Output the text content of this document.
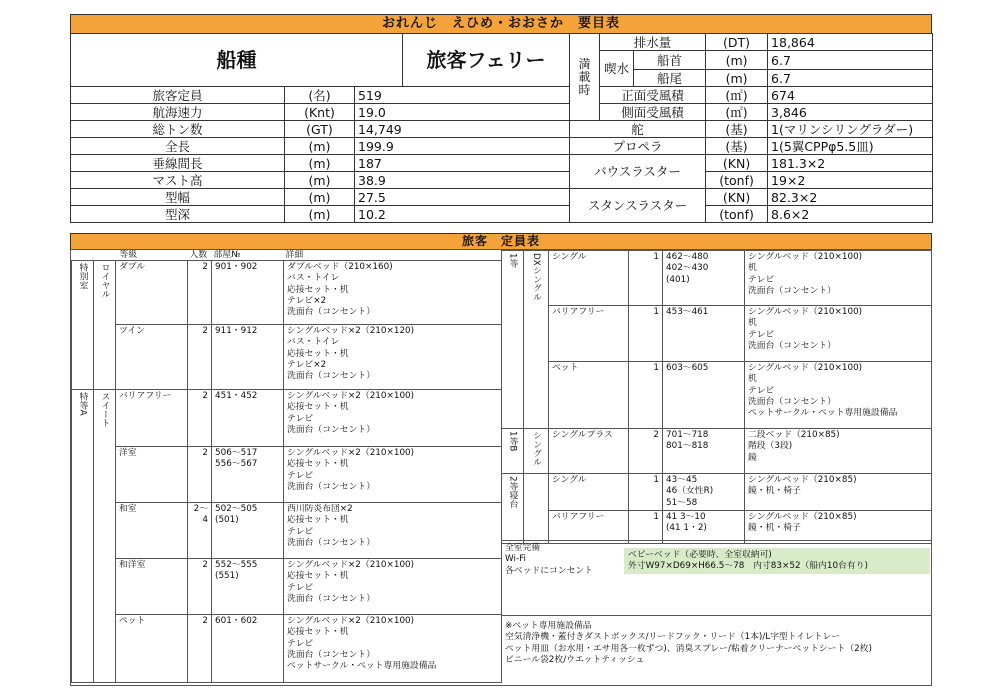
おれんじ　えひめ・おおさか　要目表
船種			旅客フェリー	満載時	排水量		(DT)	18,864
					喫水	船首	(m)	6.7
						船尾	(m)	6.7
旅客定員	(名)	519			正面受風積		(㎡)	674
航海速力	(Knt)	19.0			側面受風積		(㎡)	3,846
総トン数	(GT)	14,749		舵			(基)	1(マリンシリングラダー)
全長	(m)	199.9		プロペラ			(基)	1(5翼CPPφ5.5皿)
垂線間長	(m)	187		バウスラスター			(KN)	181.3×2
マスト高	(m)	38.9					(tonf)	19×2
型幅	(m)	27.5		スタンスラスター			(KN)	82.3×2
型深	(m)	10.2					(tonf)	8.6×2
旅客　定員表
等級			人数	部屋№	詳細
特別室	ロイヤル	ダブル	2	901・902	ダブルベッド（210×160)
バス・トイレ
応接セット・机
テレビ×2
洗面台（コンセント）
		ツイン	2	911・912	シングルベッド×2（210×120)
バス・トイレ
応接セット・机
テレビ×2
洗面台（コンセント）
特等A	スイート	バリアフリー	2	451・452	シングルベッド×2（210×100)
応接セット・机
テレビ
洗面台（コンセント）
		洋室	2	506〜517
556〜567	シングルベッド×2（210×100)
応接セット・机
テレビ
洗面台（コンセント）
		和室	2〜4	502〜505
(501)	西川防炎布団×2
応接セット・机
テレビ
洗面台（コンセント）
		和洋室	2	552〜555
(551)	シングルベッド×2（210×100)
応接セット・机
テレビ
洗面台（コンセント）
		ペット	2	601・602	シングルベッド×2（210×100)
応接セット・机
テレビ
洗面台（コンセント）
ペットサークル・ペット専用施設備品
1等	DXシングル	シングル	1	462〜480
402〜430
(401)	シングルベッド（210×100)
机
テレビ
洗面台（コンセント）
		バリアフリー	1	453〜461	シングルベッド（210×100)
机
テレビ
洗面台（コンセント）
		ペット	1	603〜605	シングルベッド（210×100)
机
テレビ
洗面台（コンセント）
ペットサークル・ペット専用施設備品
1等B	シングル	シングルプラス	2	701〜718
801〜818	二段ベッド（210×85)
階段（3段)
鏡
2等寝台		シングル	1	43〜45
46（女性R)
51〜58	シングルベッド（210×85)
鏡・机・椅子
		バリアフリー	1	41 3〜10
(41 1・2)	シングルベッド（210×85)
鏡・机・椅子
全室完備
Wi-Fi
各ベッドにコンセント
ベビーベッド（必要時、全室収納可)
外寸W97×D69×H66.5〜78　内寸83×52（船内10台有り)
※ペット専用施設備品
空気清浄機・蓋付きダストボックス/リードフック・リード（1本)/L字型トイレトレー
ペット用皿（お水用・エサ用各一枚ずつ)、消臭スプレー/粘着クリーナーペットシート（2枚)
ビニール袋2枚/ウエットティッシュ
